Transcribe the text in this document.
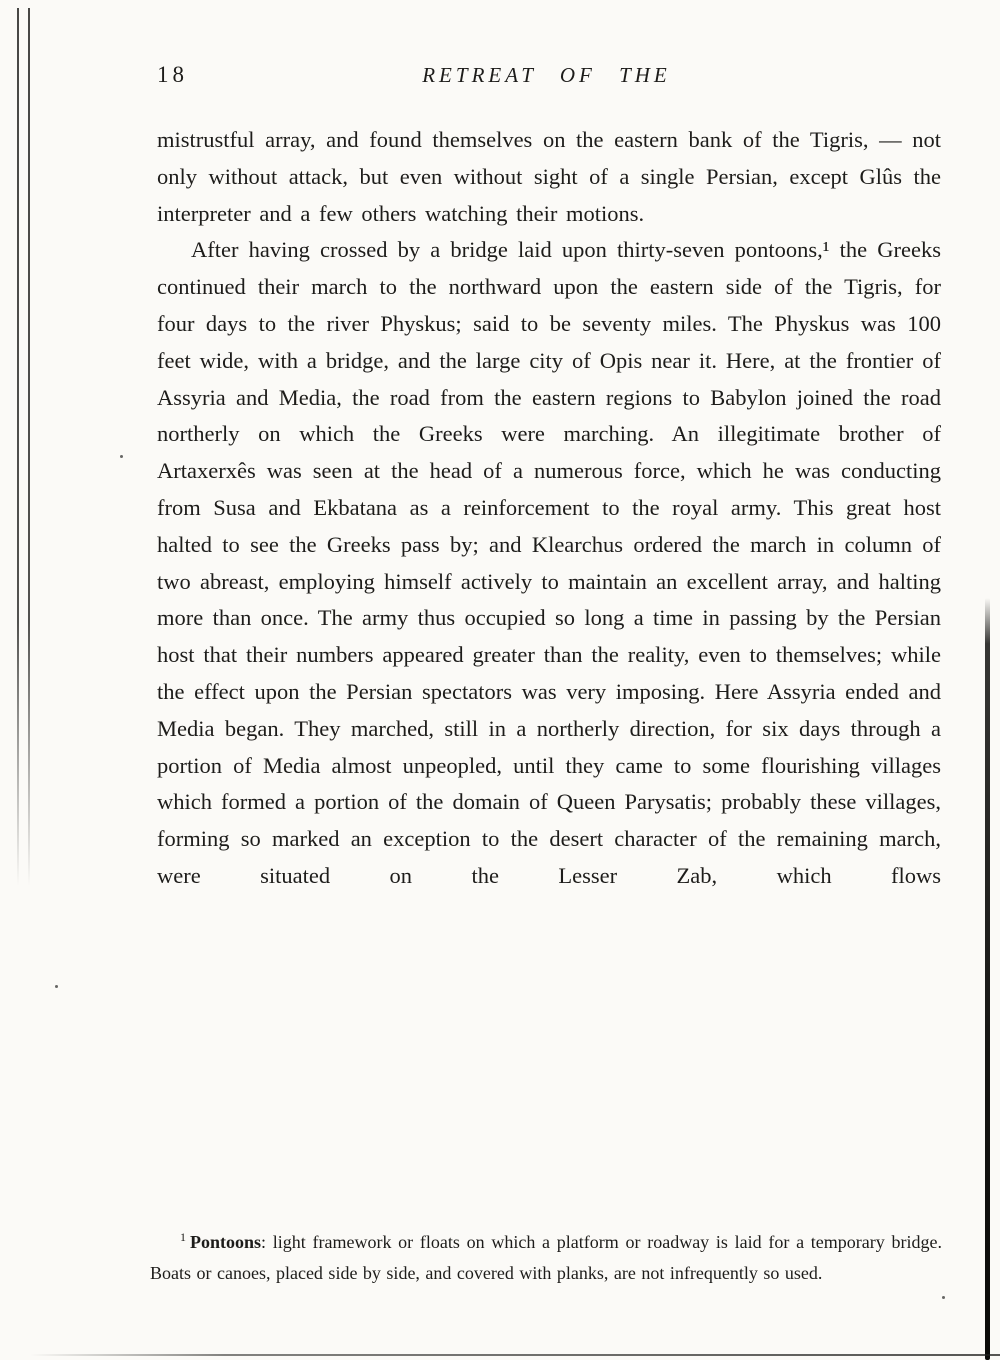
18	RETREAT OF THE

mistrustful array, and found themselves on the eastern bank of the Tigris, — not only without attack, but even without sight of a single Persian, except Glûs the interpreter and a few others watching their motions.

After having crossed by a bridge laid upon thirty-seven pontoons,¹ the Greeks continued their march to the northward upon the eastern side of the Tigris, for four days to the river Physkus; said to be seventy miles. The Physkus was 100 feet wide, with a bridge, and the large city of Opis near it. Here, at the frontier of Assyria and Media, the road from the eastern regions to Babylon joined the road northerly on which the Greeks were marching. An illegitimate brother of Artaxerxês was seen at the head of a numerous force, which he was conducting from Susa and Ekbatana as a reinforcement to the royal army. This great host halted to see the Greeks pass by; and Klearchus ordered the march in column of two abreast, employing himself actively to maintain an excellent array, and halting more than once. The army thus occupied so long a time in passing by the Persian host that their numbers appeared greater than the reality, even to themselves; while the effect upon the Persian spectators was very imposing. Here Assyria ended and Media began. They marched, still in a northerly direction, for six days through a portion of Media almost unpeopled, until they came to some flourishing villages which formed a portion of the domain of Queen Parysatis; probably these villages, forming so marked an exception to the desert character of the remaining march, were situated on the Lesser Zab, which flows

$^1$ Pontoons: light framework or floats on which a platform or roadway is laid for a temporary bridge. Boats or canoes, placed side by side, and covered with planks, are not infrequently so used.
